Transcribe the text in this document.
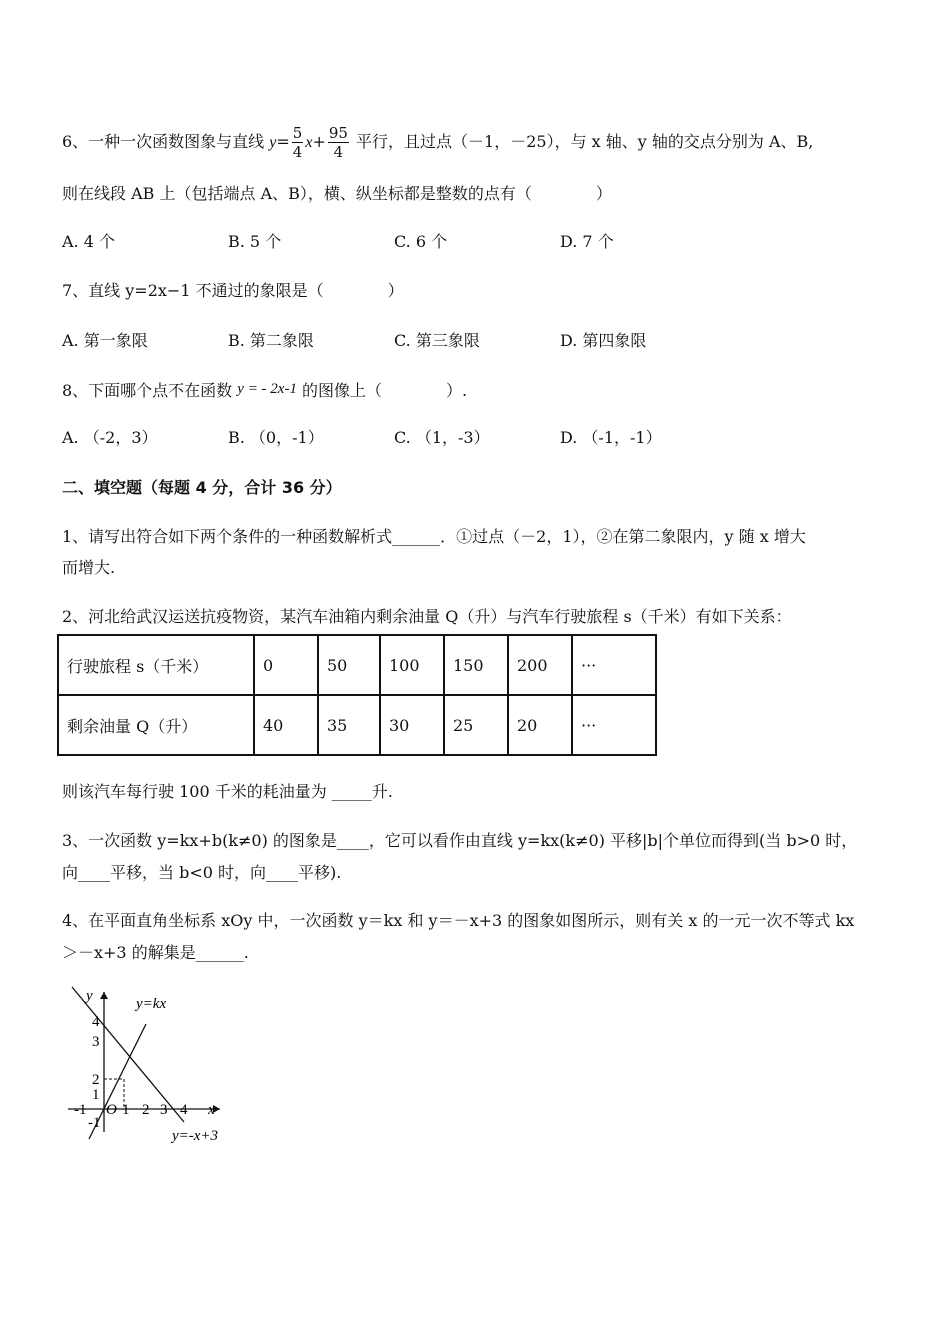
6、一种一次函数图象与直线 $y= \frac{5}{4} x+ \frac{95}{4}$ 平行，且过点（－1，－25），与 x 轴、y 轴的交点分别为 A、B,
则在线段 AB 上（包括端点 A、B），横、纵坐标都是整数的点有（　　　　）
A. 4 个	B. 5 个	C. 6 个	D. 7 个
7、直线 y=2x−1 不通过的象限是（　　　　）
A. 第一象限	B. 第二象限	C. 第三象限	D. 第四象限
8、下面哪个点不在函数 y = - 2x-1 的图像上（　　　　）.
A. （-2，3）	B. （0，-1）	C. （1，-3）	D. （-1，-1）
二、填空题（每题 4 分，合计 36 分）
1、请写出符合如下两个条件的一种函数解析式______．①过点（－2，1），②在第二象限内，y 随 x 增大
而增大.
2、河北给武汉运送抗疫物资，某汽车油箱内剩余油量 Q（升）与汽车行驶旅程 s（千米）有如下关系：
行驶旅程 s（千米）	0	50	100	150	200	···
剩余油量 Q（升）	40	35	30	25	20	···
则该汽车每行驶 100 千米的耗油量为 _____升.
3、一次函数 y=kx+b(k≠0) 的图象是____，它可以看作由直线 y=kx(k≠0) 平移|b|个单位而得到(当 b>0 时，
向____平移，当 b<0 时，向____平移).
4、在平面直角坐标系 xOy 中，一次函数 y＝kx 和 y＝－x+3 的图象如图所示，则有关 x 的一元一次不等式 kx
＞－x+3 的解集是______.
y
x
O
4
3
2
1
-1
-1 1 2 3 4
y=kx
y=-x+3
